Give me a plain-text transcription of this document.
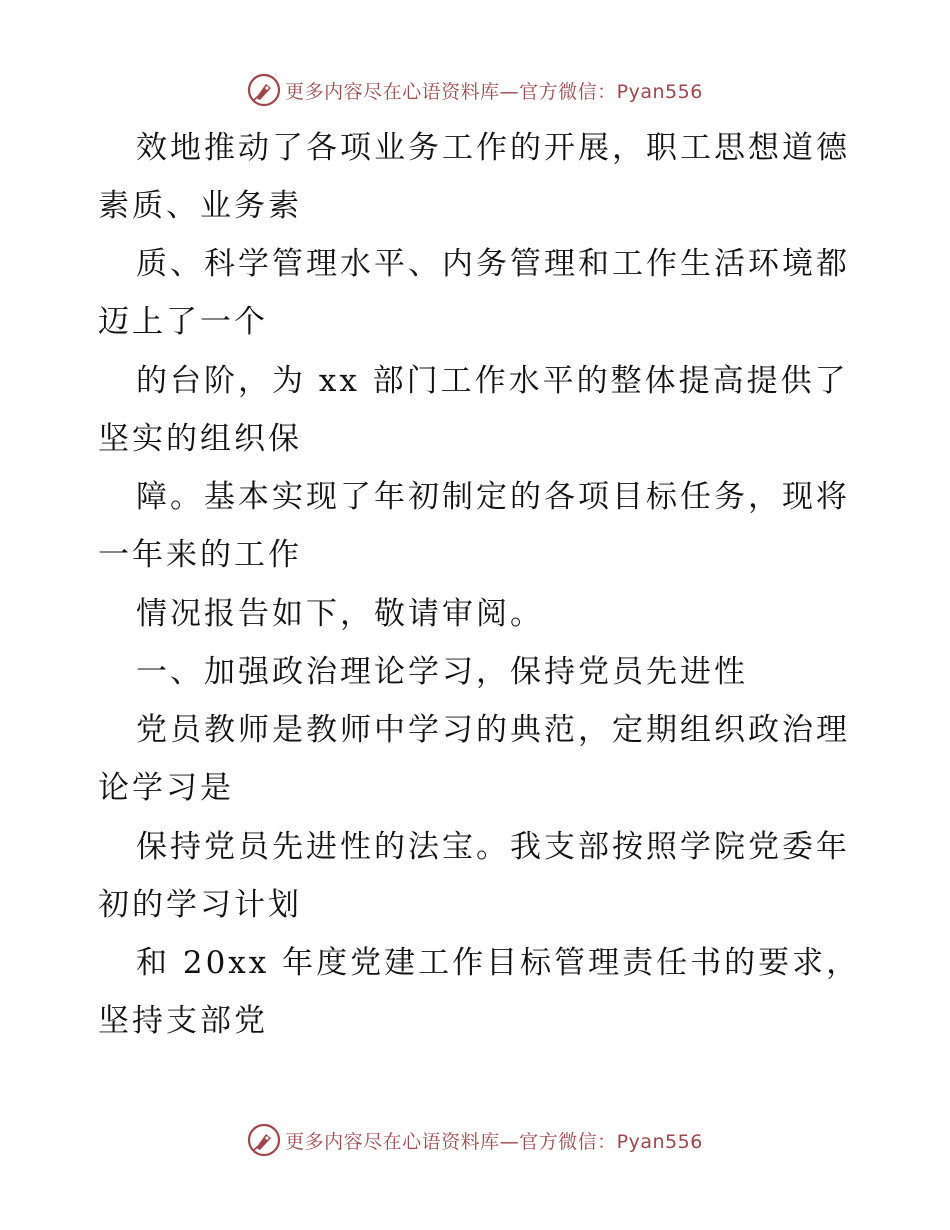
更多内容尽在心语资料库—官方微信：Pyan556
效地推动了各项业务工作的开展，职工思想道德
素质、业务素
质、科学管理水平、内务管理和工作生活环境都
迈上了一个
的台阶，为 xx 部门工作水平的整体提高提供了
坚实的组织保
障。基本实现了年初制定的各项目标任务，现将
一年来的工作
情况报告如下，敬请审阅。
一、加强政治理论学习，保持党员先进性
党员教师是教师中学习的典范，定期组织政治理
论学习是
保持党员先进性的法宝。我支部按照学院党委年
初的学习计划
和 20xx 年度党建工作目标管理责任书的要求，
坚持支部党
更多内容尽在心语资料库—官方微信：Pyan556
